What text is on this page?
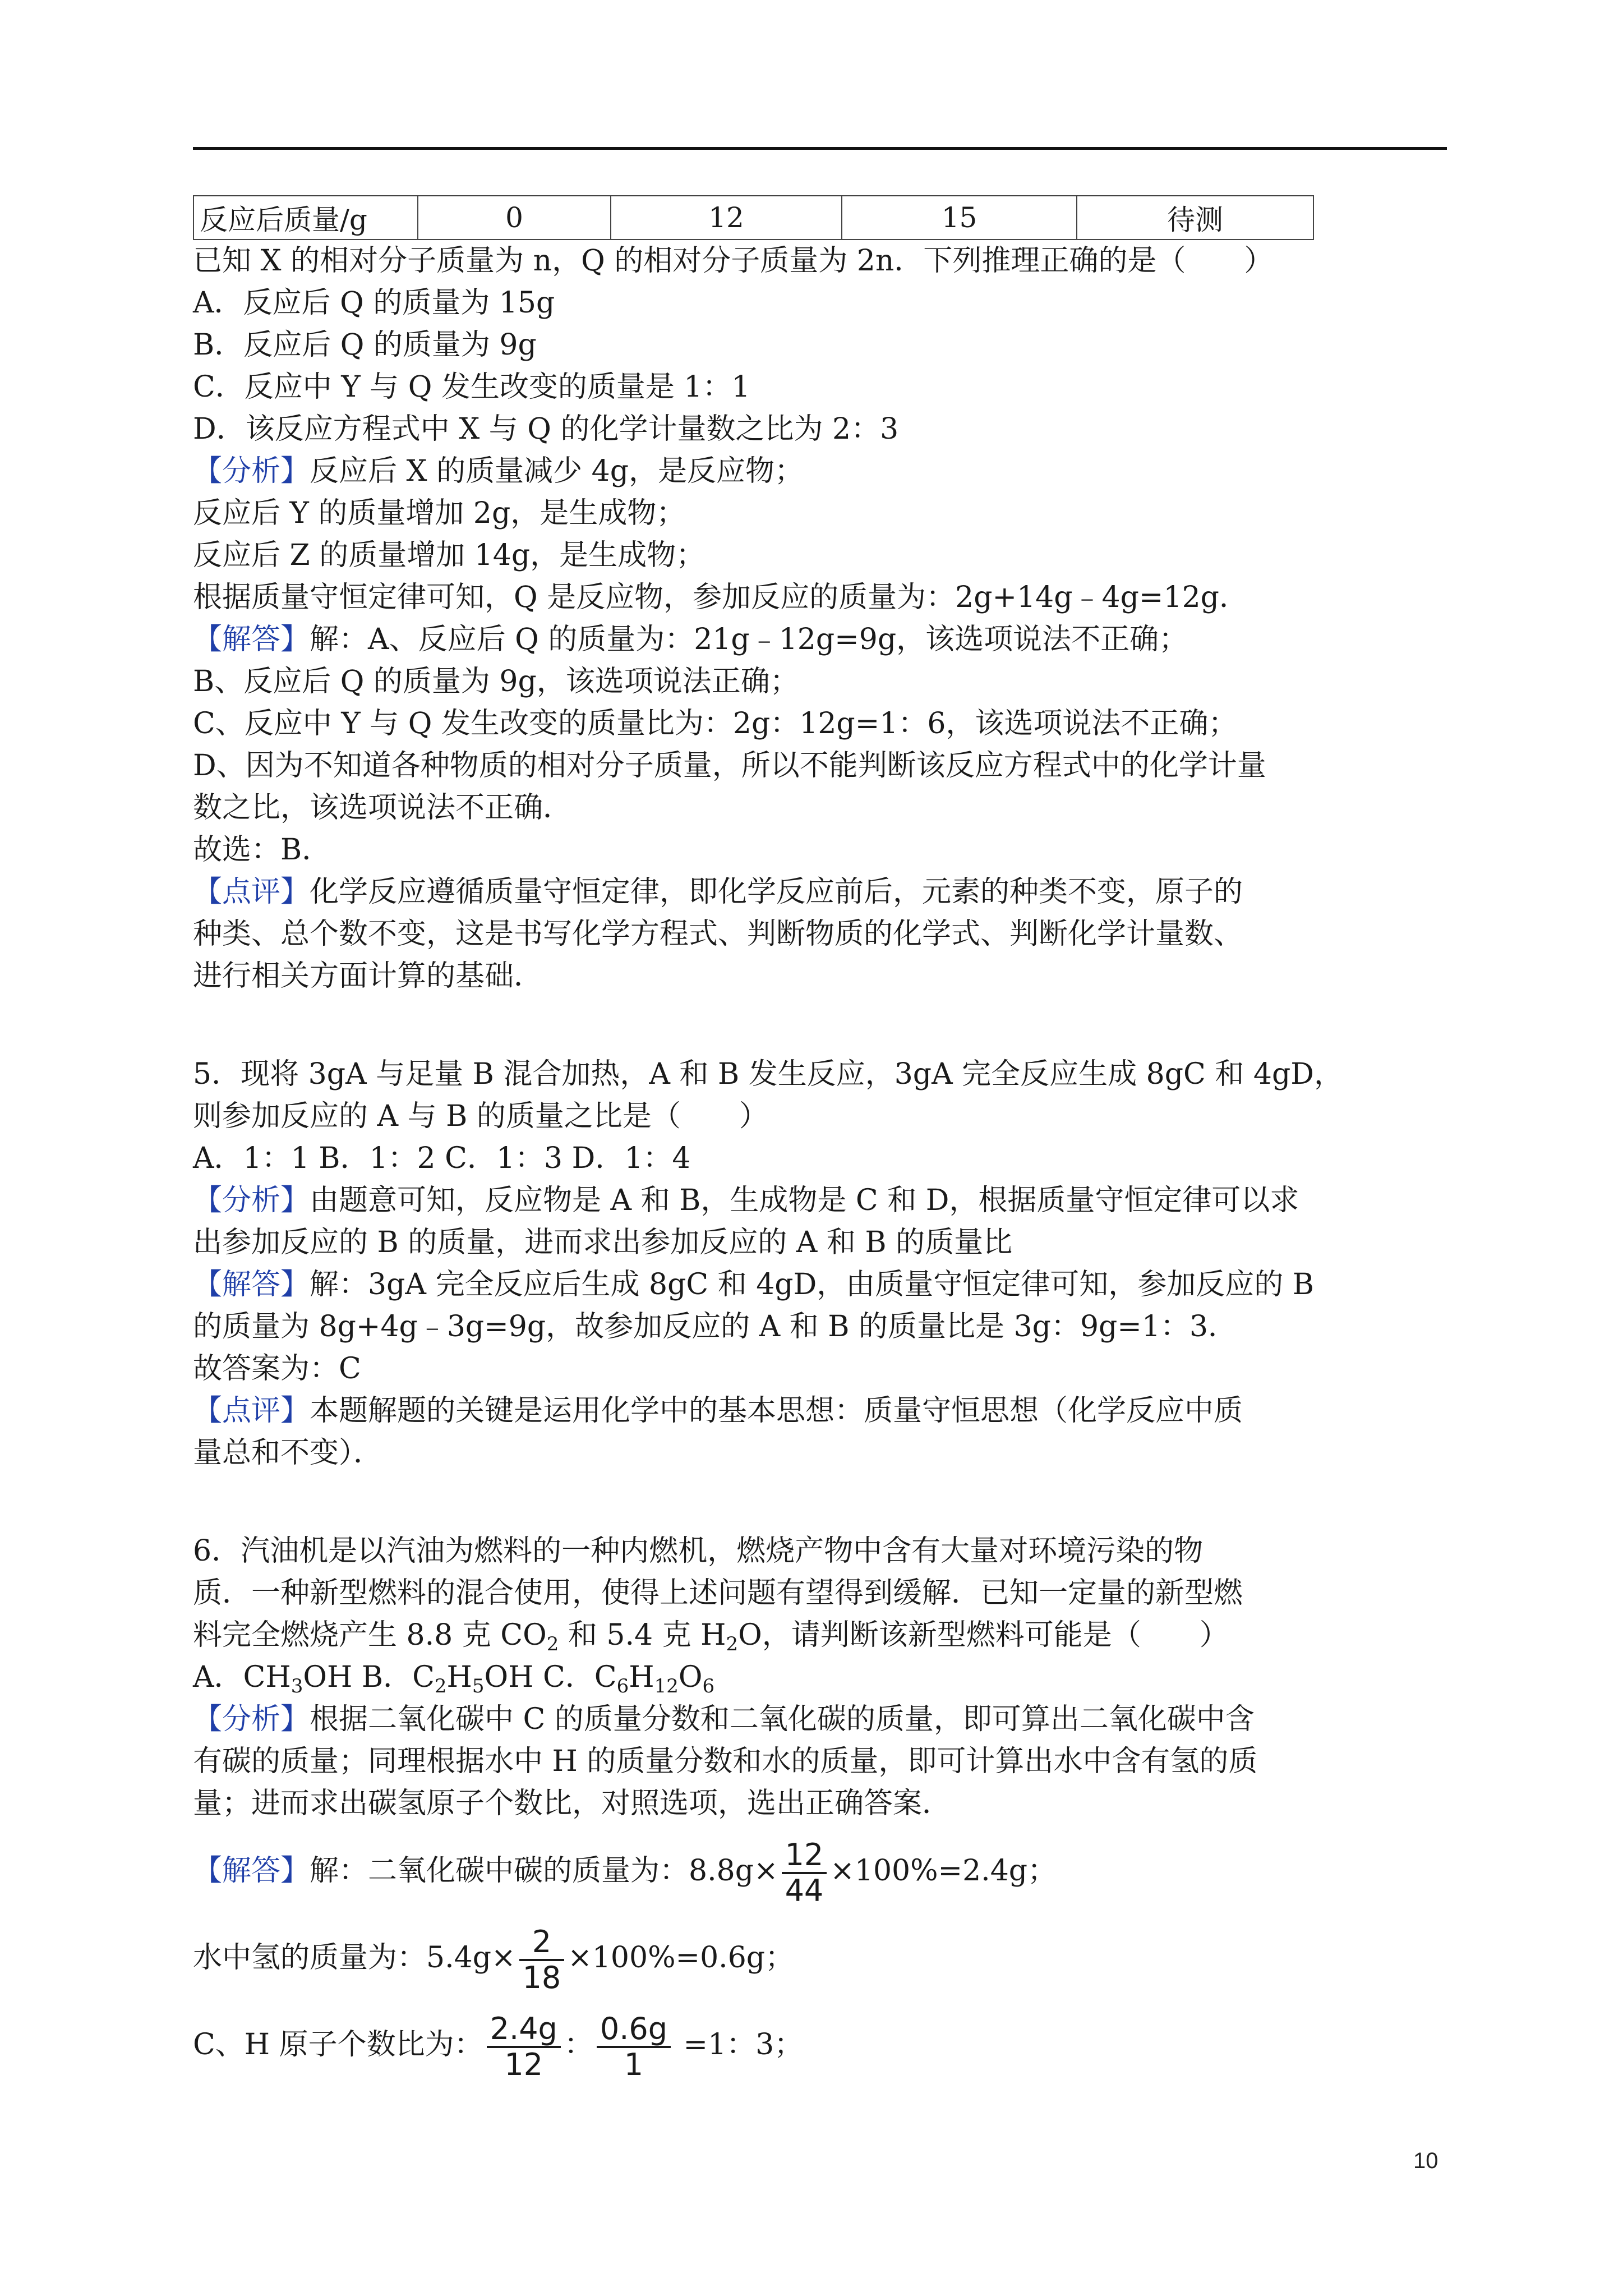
反应后质量/g	0	12	15	待测
已知 X 的相对分子质量为 n，Q 的相对分子质量为 2n．下列推理正确的是（　　）
A．反应后 Q 的质量为 15g
B．反应后 Q 的质量为 9g
C．反应中 Y 与 Q 发生改变的质量是 1：1
D．该反应方程式中 X 与 Q 的化学计量数之比为 2：3
【分析】反应后 X 的质量减少 4g，是反应物；
反应后 Y 的质量增加 2g，是生成物；
反应后 Z 的质量增加 14g，是生成物；
根据质量守恒定律可知，Q 是反应物，参加反应的质量为：2g+14g﹣4g=12g．
【解答】解：A、反应后 Q 的质量为：21g﹣12g=9g，该选项说法不正确；
B、反应后 Q 的质量为 9g，该选项说法正确；
C、反应中 Y 与 Q 发生改变的质量比为：2g：12g=1：6，该选项说法不正确；
D、因为不知道各种物质的相对分子质量，所以不能判断该反应方程式中的化学计量
数之比，该选项说法不正确．
故选：B．
【点评】化学反应遵循质量守恒定律，即化学反应前后，元素的种类不变，原子的
种类、总个数不变，这是书写化学方程式、判断物质的化学式、判断化学计量数、
进行相关方面计算的基础．
5．现将 3gA 与足量 B 混合加热，A 和 B 发生反应，3gA 完全反应生成 8gC 和 4gD，
则参加反应的 A 与 B 的质量之比是（　　）
A．1：1 B．1：2 C．1：3 D．1：4
【分析】由题意可知，反应物是 A 和 B，生成物是 C 和 D，根据质量守恒定律可以求
出参加反应的 B 的质量，进而求出参加反应的 A 和 B 的质量比
【解答】解：3gA 完全反应后生成 8gC 和 4gD，由质量守恒定律可知，参加反应的 B
的质量为 8g+4g﹣3g=9g，故参加反应的 A 和 B 的质量比是 3g：9g=1：3．
故答案为：C
【点评】本题解题的关键是运用化学中的基本思想：质量守恒思想（化学反应中质
量总和不变）．
6．汽油机是以汽油为燃料的一种内燃机，燃烧产物中含有大量对环境污染的物
质．一种新型燃料的混合使用，使得上述问题有望得到缓解．已知一定量的新型燃
料完全燃烧产生 8.8 克 $CO_2$ 和 5.4 克 $H_2O$，请判断该新型燃料可能是（　　）
A．$CH_3OH$ B．$C_2H_5OH$ C．$C_6H_{12}O_6$
【分析】根据二氧化碳中 C 的质量分数和二氧化碳的质量，即可算出二氧化碳中含
有碳的质量；同理根据水中 H 的质量分数和水的质量，即可计算出水中含有氢的质
量；进而求出碳氢原子个数比，对照选项，选出正确答案．
【解答】解：二氧化碳中碳的质量为：$8.8g\times \frac{12}{44} \times 100\%=2.4g$；
水中氢的质量为：$5.4g\times \frac{2}{18} \times 100\%=0.6g$；
C、H 原子个数比为： $\frac{2.4g}{12}$ ： $\frac{0.6g}{1} =1$：3；
10
